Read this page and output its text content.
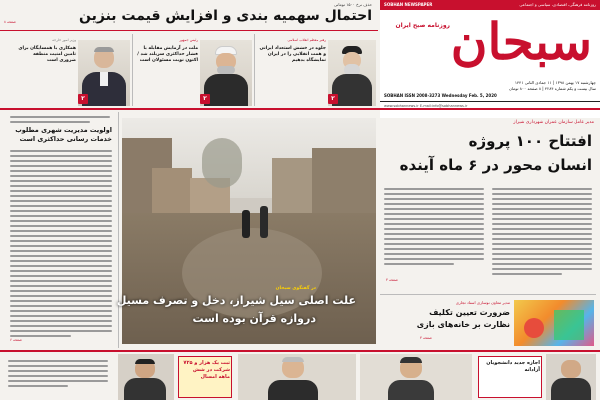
حذف نرخ ۱۵۰۰ تومانی
احتمال سهمیه بندی و افزایش قیمت بنزین
صفحه ۸
روزنامه فرهنگی، اقتصادی، سیاسی و اجتماعی
SOBHAN NEWSPAPER
سبحان
روزنامه صبح ایران
چهارشنبه ۱۷ بهمن ۱۳۹۸ | ۱۱ جمادی الثانی ۱۴۴۱
سال بیست و یکم شماره ۴۲۸۴ | ۸ صفحه ۸۰۰ تومان
SOBHAN ISSN 2008-3273 Wednesday Feb. 5, 2020
www.sobhannews.ir E-mail:info@sobhannews.ir
رهبر معظم انقلاب اسلامی
جلوه در خشش استعداد ایرانی و همت انقلابی را در ایران نمایشگاه بدهیم
۲
رئیس جمهور
ملت در آزمایش مقابله با فشار حداکثری سربلند شد / اکنون نوبت مسئولان است
۲
وزیر امور خارجه
همکاری با همسایگان برای تامین امنیت منطقه ضروری است
۲
اولویت مدیریت شهری مطلوب خدمات رسانی حداکثری است
صفحه ۶
در گفتگوی سبحان
علت اصلی سیل شیراز، دخل و تصرف مسیل
دروازه قرآن بوده است
مدیر عامل سازمان عمران شهرداری شیراز
افتتاح ۱۰۰ پروژه
انسان محور در ۶ ماه آینده
صفحه ۳
مدیر معاون نوسازی اسناد تجاری
ضرورت تعیین تکلیف
نظارت بر خانه‌های بازی
صفحه ۳
اجازه جدید دانشجویان آزادانه
ثبت یک هزار و ۷۲۵ شرکت در شش ماهه امسال
